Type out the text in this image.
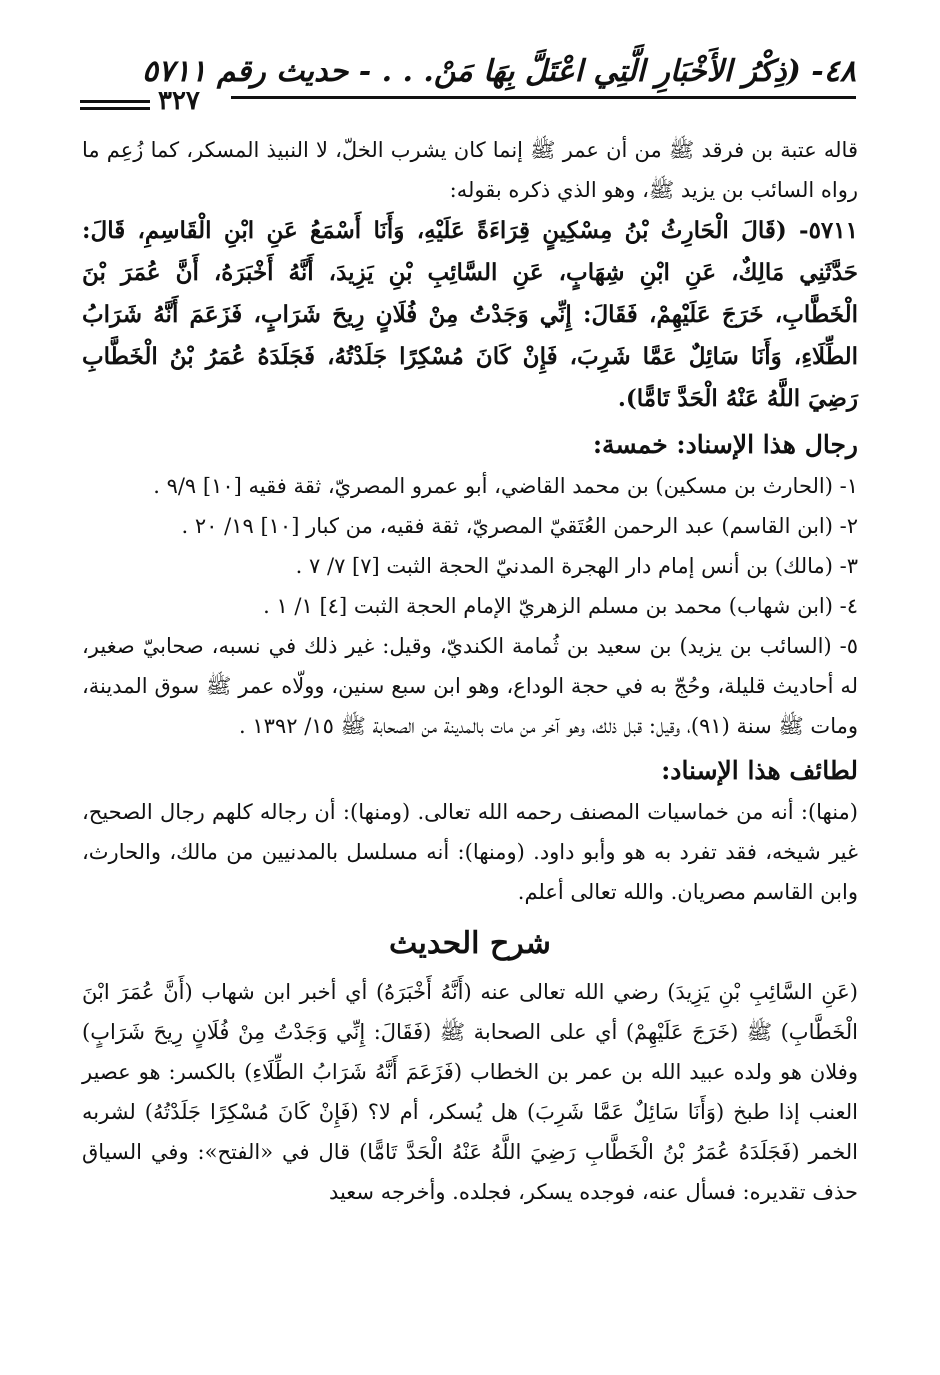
٤٨- (ذِكْرُ الأَخْبَارِ الَّتِي اعْتَلَّ بِهَا مَنْ. . . - حديث رقم ٥٧١١
٣٢٧

قاله عتبة بن فرقد ﷺ من أن عمر ﷺ إنما كان يشرب الخلّ، لا النبيذ المسكر، كما زُعِم ما رواه السائب بن يزيد ﷺ، وهو الذي ذكره بقوله:

٥٧١١- (قَالَ الْحَارِثُ بْنُ مِسْكِينٍ قِرَاءَةً عَلَيْهِ، وَأَنَا أَسْمَعُ عَنِ ابْنِ الْقَاسِمِ، قَالَ: حَدَّثَنِي مَالِكٌ، عَنِ ابْنِ شِهَابٍ، عَنِ السَّائِبِ بْنِ يَزِيدَ، أَنَّهُ أَخْبَرَهُ، أَنَّ عُمَرَ بْنَ الْخَطَّابِ، خَرَجَ عَلَيْهِمْ، فَقَالَ: إِنِّي وَجَدْتُ مِنْ فُلَانٍ رِيحَ شَرَابٍ، فَزَعَمَ أَنَّهُ شَرَابُ الطِّلَاءِ، وَأَنَا سَائِلٌ عَمَّا شَرِبَ، فَإِنْ كَانَ مُسْكِرًا جَلَدْتُهُ، فَجَلَدَهُ عُمَرُ بْنُ الْخَطَّابِ رَضِيَ اللَّهُ عَنْهُ الْحَدَّ تَامًّا).

رجال هذا الإسناد: خمسة:

١- (الحارث بن مسكين) بن محمد القاضي، أبو عمرو المصريّ، ثقة فقيه [١٠] ٩/٩ .
٢- (ابن القاسم) عبد الرحمن العُتَقيّ المصريّ، ثقة فقيه، من كبار [١٠] ١٩/ ٢٠ .
٣- (مالك) بن أنس إمام دار الهجرة المدنيّ الحجة الثبت [٧] ٧/ ٧ .
٤- (ابن شهاب) محمد بن مسلم الزهريّ الإمام الحجة الثبت [٤] ١/ ١ .
٥- (السائب بن يزيد) بن سعيد بن ثُمامة الكنديّ، وقيل: غير ذلك في نسبه، صحابيّ صغير، له أحاديث قليلة، وحُجّ به في حجة الوداع، وهو ابن سبع سنين، وولّاه عمر ﷺ سوق المدينة، ومات ﷺ سنة (٩١)، وقيل: قبل ذلك، وهو آخر من مات بالمدينة من الصحابة ﷺ ١٥/ ١٣٩٢ .

لطائف هذا الإسناد:

(منها): أنه من خماسيات المصنف رحمه الله تعالى. (ومنها): أن رجاله كلهم رجال الصحيح، غير شيخه، فقد تفرد به هو وأبو داود. (ومنها): أنه مسلسل بالمدنيين من مالك، والحارث، وابن القاسم مصريان. والله تعالى أعلم.

شرح الحديث

(عَنِ السَّائِبِ بْنِ يَزِيدَ) رضي الله تعالى عنه (أَنَّهُ أَخْبَرَهُ) أي أخبر ابن شهاب (أَنَّ عُمَرَ ابْنَ الْخَطَّابِ) ﷺ (خَرَجَ عَلَيْهِمْ) أي على الصحابة ﷺ (فَقَالَ: إِنِّي وَجَدْتُ مِنْ فُلَانٍ رِيحَ شَرَابٍ) وفلان هو ولده عبيد الله بن عمر بن الخطاب (فَزَعَمَ أَنَّهُ شَرَابُ الطِّلَاءِ) بالكسر: هو عصير العنب إذا طبخ (وَأَنَا سَائِلٌ عَمَّا شَرِبَ) هل يُسكر، أم لا؟ (فَإِنْ كَانَ مُسْكِرًا جَلَدْتُهُ) لشربه الخمر (فَجَلَدَهُ عُمَرُ بْنُ الْخَطَّابِ رَضِيَ اللَّهُ عَنْهُ الْحَدَّ تَامًّا) قال في «الفتح»: وفي السياق حذف تقديره: فسأل عنه، فوجده يسكر، فجلده. وأخرجه سعيد
